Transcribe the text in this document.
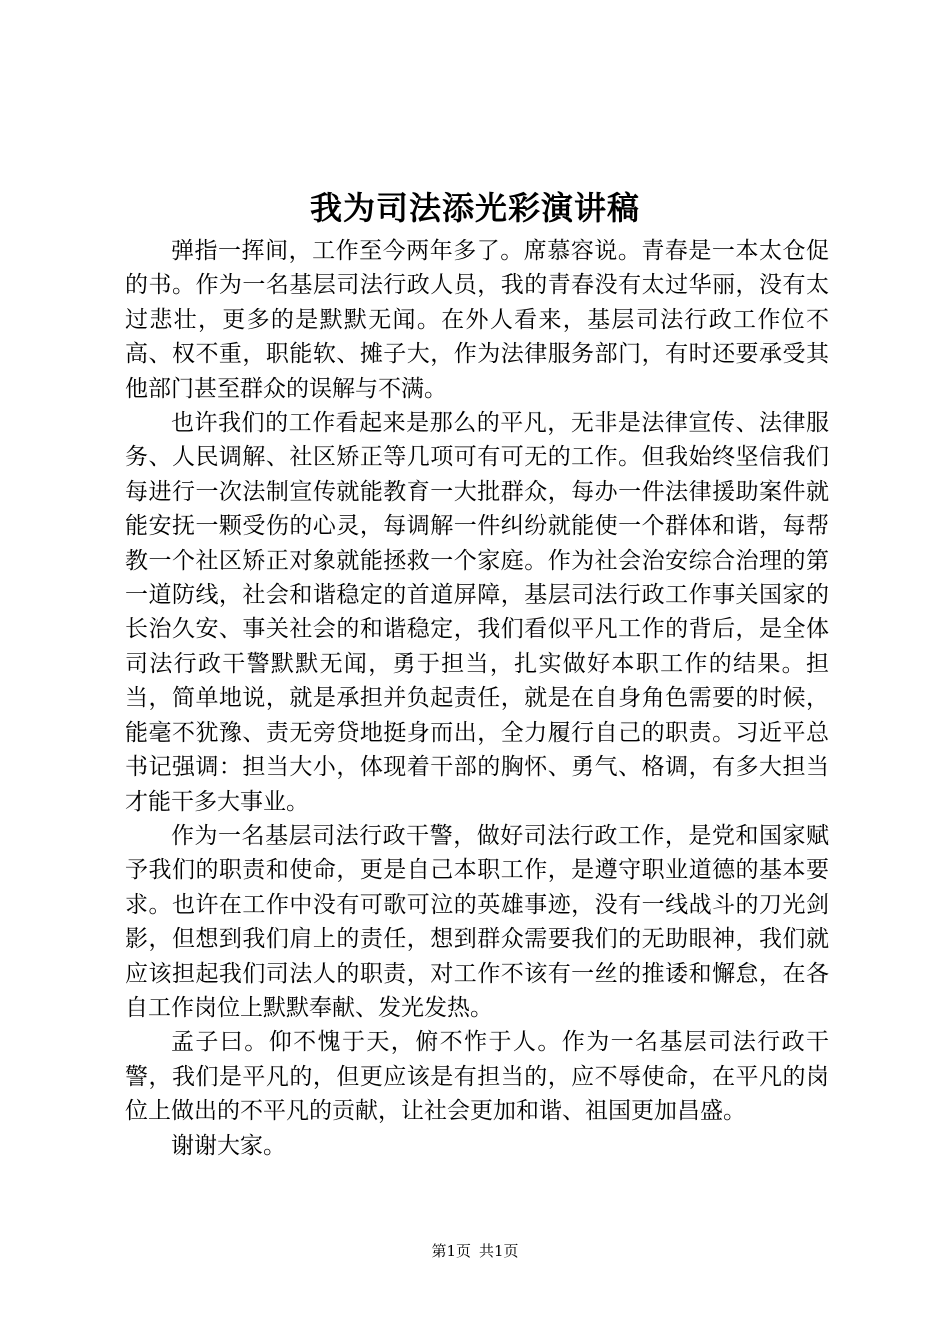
我为司法添光彩演讲稿

弹指一挥间，工作至今两年多了。席慕容说。青春是一本太仓促的书。作为一名基层司法行政人员，我的青春没有太过华丽，没有太过悲壮，更多的是默默无闻。在外人看来，基层司法行政工作位不高、权不重，职能软、摊子大，作为法律服务部门，有时还要承受其他部门甚至群众的误解与不满。

也许我们的工作看起来是那么的平凡，无非是法律宣传、法律服务、人民调解、社区矫正等几项可有可无的工作。但我始终坚信我们每进行一次法制宣传就能教育一大批群众，每办一件法律援助案件就能安抚一颗受伤的心灵，每调解一件纠纷就能使一个群体和谐，每帮教一个社区矫正对象就能拯救一个家庭。作为社会治安综合治理的第一道防线，社会和谐稳定的首道屏障，基层司法行政工作事关国家的长治久安、事关社会的和谐稳定，我们看似平凡工作的背后，是全体司法行政干警默默无闻，勇于担当，扎实做好本职工作的结果。担当，简单地说，就是承担并负起责任，就是在自身角色需要的时候，能毫不犹豫、责无旁贷地挺身而出，全力履行自己的职责。习近平总书记强调：担当大小，体现着干部的胸怀、勇气、格调，有多大担当才能干多大事业。

作为一名基层司法行政干警，做好司法行政工作，是党和国家赋予我们的职责和使命，更是自己本职工作，是遵守职业道德的基本要求。也许在工作中没有可歌可泣的英雄事迹，没有一线战斗的刀光剑影，但想到我们肩上的责任，想到群众需要我们的无助眼神，我们就应该担起我们司法人的职责，对工作不该有一丝的推诿和懈怠，在各自工作岗位上默默奉献、发光发热。

孟子曰。仰不愧于天，俯不怍于人。作为一名基层司法行政干警，我们是平凡的，但更应该是有担当的，应不辱使命，在平凡的岗位上做出的不平凡的贡献，让社会更加和谐、祖国更加昌盛。

谢谢大家。

第1页 共1页
